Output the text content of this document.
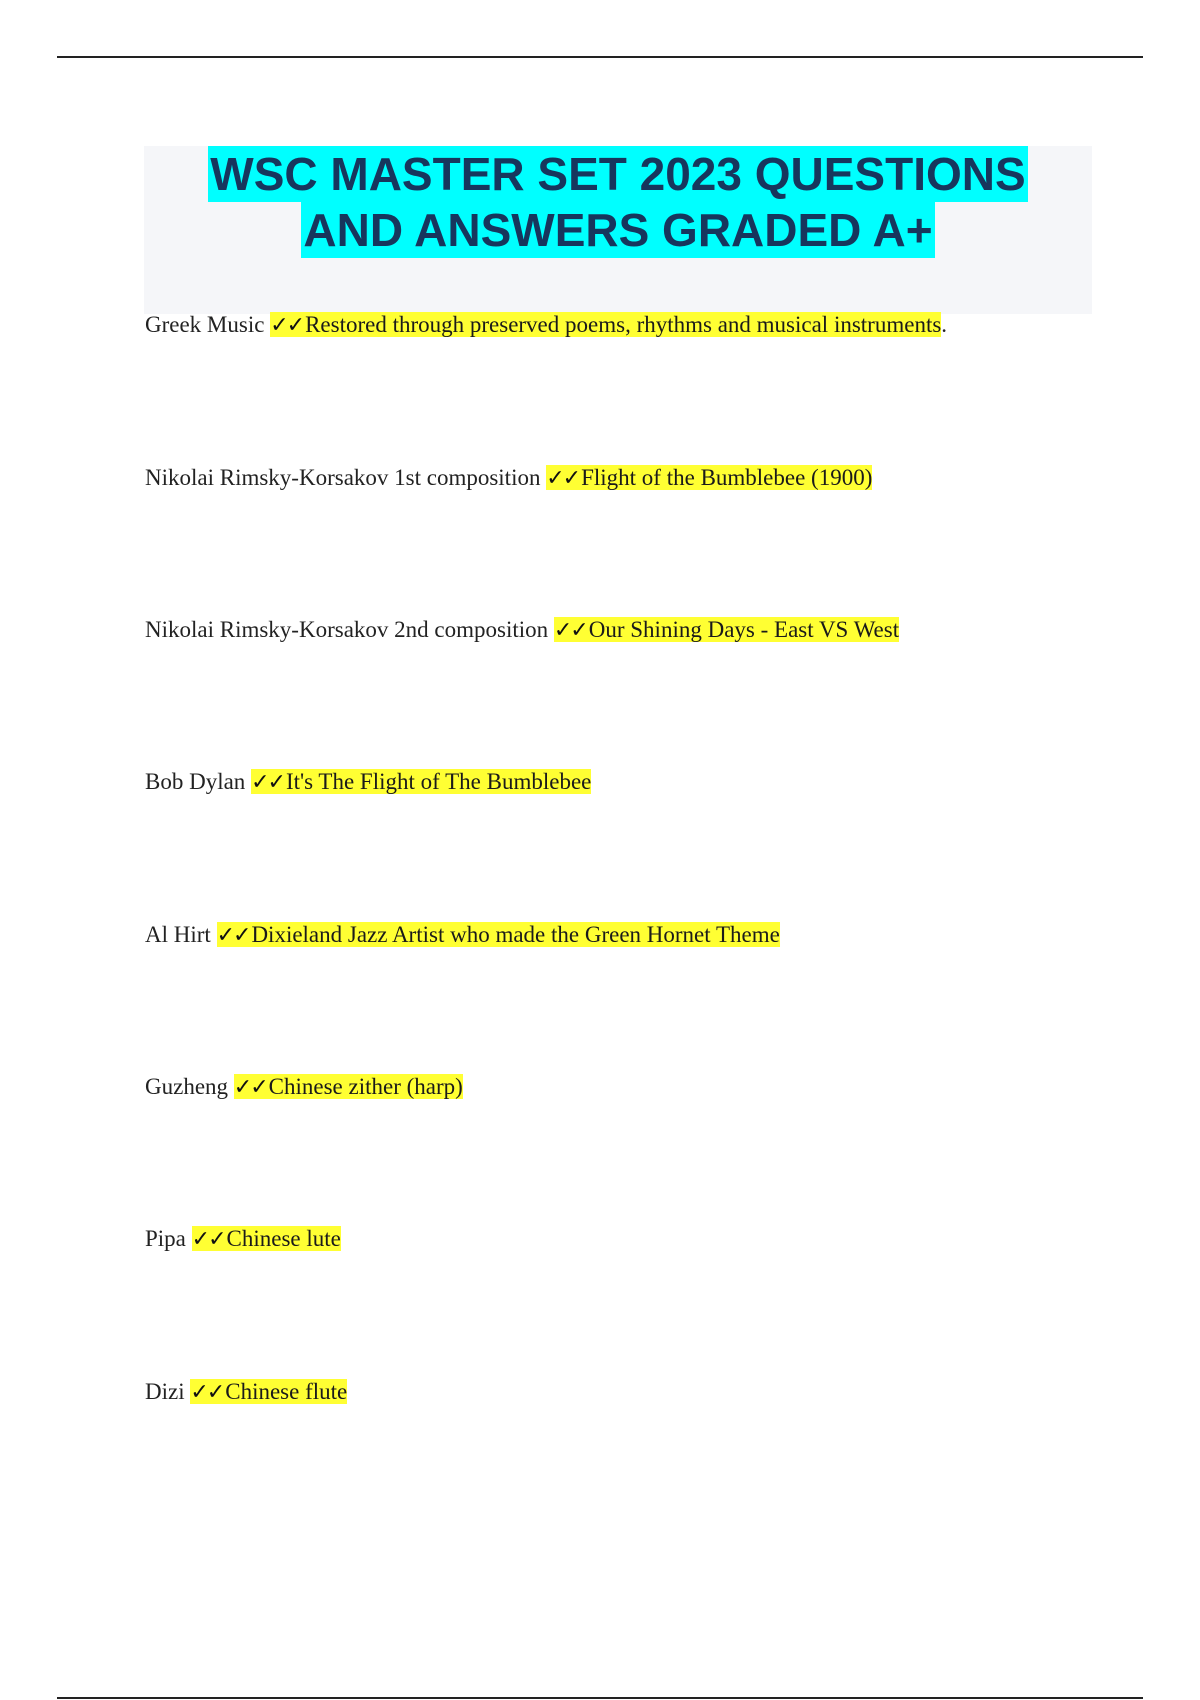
WSC MASTER SET 2023 QUESTIONS
AND ANSWERS GRADED A+
Greek Music ✓✓Restored through preserved poems, rhythms and musical instruments.
Nikolai Rimsky-Korsakov 1st composition ✓✓Flight of the Bumblebee (1900)
Nikolai Rimsky-Korsakov 2nd composition ✓✓Our Shining Days - East VS West
Bob Dylan ✓✓It's The Flight of The Bumblebee
Al Hirt ✓✓Dixieland Jazz Artist who made the Green Hornet Theme
Guzheng ✓✓Chinese zither (harp)
Pipa ✓✓Chinese lute
Dizi ✓✓Chinese flute
